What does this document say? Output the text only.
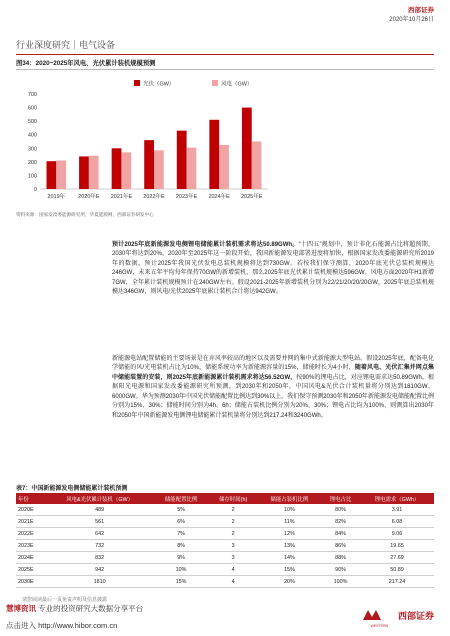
西部证券
2020年10月26日
行业深度研究｜电气设备
图34：2020~2025年风电、光伏累计装机规模预测
0
100
200
300
400
500
600
700
2019年 2020年E 2021年E 2022年E 2023年E 2024年E 2025年E
光伏（GW）	风电（GW）
资料来源：国家发改委能源研究所，华夏能源网，西部证券研发中心

预计2025年底新能源发电侧锂电储能累计装机需求将达50.89GWh。“十四五”规划中，预计非化石能源占比将超预期，2030年将达到20%。2020年至2025年这一阶段开始，我国新能源发电部署进度将加快，根据国家发改委能源研究所2019年的数据，预计2025年我国光伏发电总装机规模将达到730GW。若按我们保守测算，2020年底光伏总装机规模达246GW，未来五年平均每年保持70GW的新增装机，那么2025年底光伏累计装机规模达596GW。风电方面2020年H1新增7GW，全年累计装机规模预计在240GW左右。假设2021-2025年新增装机分别为22/21/20/20/20GW，2025年底总装机规模达346GW，则风电/光伏2025年底累计装机合计将达942GW。

新能源电站配置储能的主要场景是在弃风率较高的地区以及需要并网的集中式新能源大型电站。假设2025年底，配备电化学储能的风/光电装机占比为10%，储能系统功率为新能源容量的15%，储能时长为4小时，随着风电、光伏汇集并网点集中储能装置的安装，则2025年底新能源累计装机需求将达56.52GW，按90%的锂电占比，对应锂电需求达50.89GWh。根据阳光电源和国家发改委能源研究所预测，到2030年和2050年，中国风电&光伏合计装机量将分别达到1810GW、6000GW。华为预测2030年中国光伏储能配置比例达到30%以上，我们保守预测2030年和2050年新能源发电储能配置比例分别为15%、30%；储能时间分别为4h、6h；储能占装机比例分别为20%、30%；锂电占比均为100%，则测算出2030年和2050年中国新能源发电侧锂电储能累计装机量将分别达到217.24和3240GWh。

表7：中国新能源发电侧储能累计装机预测
年份	风电&光伏累计装机（GW）	储能配置比例	储存时间(h)	储能占装机比例	锂电占比	锂电需求（GWh）
2020E	489	5%	2	10%	80%	3.91
2021E	561	6%	2	11%	82%	6.08
2022E	642	7%	2	12%	84%	9.06
2023E	732	8%	3	13%	86%	19.65
2024E	832	9%	3	14%	88%	27.69
2025E	942	10%	4	15%	90%	50.89
2030E	1810	15%	4	20%	100%	217.24
请您阅读最后一页免责声明及信息披露
慧博资讯 专业的投资研究大数据分享平台
点击进入 http://www.hibor.com.cn	WESTERN
西部证券
